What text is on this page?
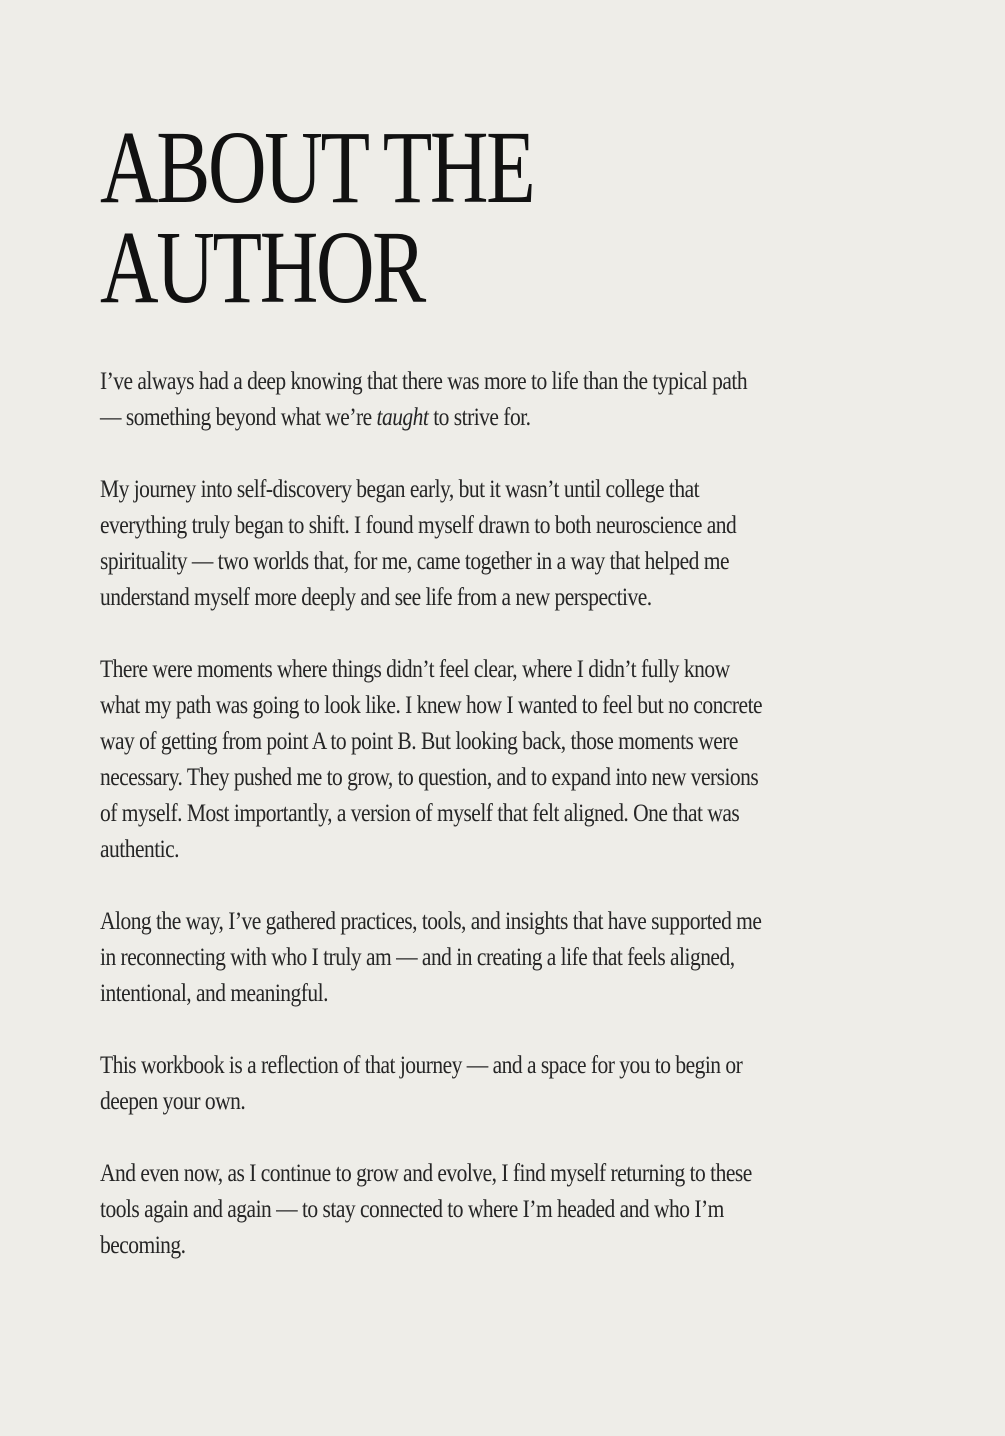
ABOUT THE
AUTHOR

I’ve always had a deep knowing that there was more to life than the typical path
— something beyond what we’re taught to strive for.

My journey into self-discovery began early, but it wasn’t until college that
everything truly began to shift. I found myself drawn to both neuroscience and
spirituality — two worlds that, for me, came together in a way that helped me
understand myself more deeply and see life from a new perspective.

There were moments where things didn’t feel clear, where I didn’t fully know
what my path was going to look like. I knew how I wanted to feel but no concrete
way of getting from point A to point B. But looking back, those moments were
necessary. They pushed me to grow, to question, and to expand into new versions
of myself. Most importantly, a version of myself that felt aligned. One that was
authentic.

Along the way, I’ve gathered practices, tools, and insights that have supported me
in reconnecting with who I truly am — and in creating a life that feels aligned,
intentional, and meaningful.

This workbook is a reflection of that journey — and a space for you to begin or
deepen your own.

And even now, as I continue to grow and evolve, I find myself returning to these
tools again and again — to stay connected to where I’m headed and who I’m
becoming.
